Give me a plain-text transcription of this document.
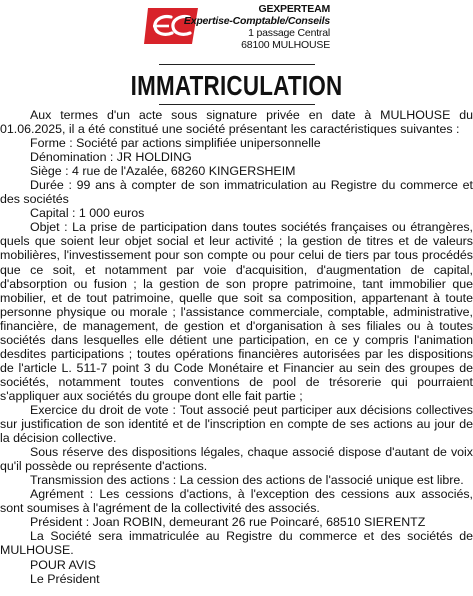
GEXPERTEAM
Expertise-Comptable/Conseils
1 passage Central
68100 MULHOUSE
IMMATRICULATION

Aux termes d'un acte sous signature privée en date à MULHOUSE du 01.06.2025, il a été constitué une société présentant les caractéristiques suivantes :

Forme : Société par actions simplifiée unipersonnelle

Dénomination : JR HOLDING

Siège : 4 rue de l'Azalée, 68260 KINGERSHEIM

Durée : 99 ans à compter de son immatriculation au Registre du commerce et des sociétés

Capital : 1 000 euros

Objet : La prise de participation dans toutes sociétés françaises ou étrangères, quels que soient leur objet social et leur activité ; la gestion de titres et de valeurs mobilières, l'investissement pour son compte ou pour celui de tiers par tous procédés que ce soit, et notamment par voie d'acquisition, d'augmentation de capital, d'absorption ou fusion ; la gestion de son propre patrimoine, tant immobilier que mobilier, et de tout patrimoine, quelle que soit sa composition, appartenant à toute personne physique ou morale ; l'assistance commerciale, comptable, administrative, financière, de management, de gestion et d'organisation à ses filiales ou à toutes sociétés dans lesquelles elle détient une participation, en ce y compris l'animation desdites participations ; toutes opérations financières autorisées par les dispositions de l'article L. 511-7 point 3 du Code Monétaire et Financier au sein des groupes de sociétés, notamment toutes conventions de pool de trésorerie qui pourraient s'appliquer aux sociétés du groupe dont elle fait partie ;

Exercice du droit de vote : Tout associé peut participer aux décisions collectives sur justification de son identité et de l'inscription en compte de ses actions au jour de la décision collective.

Sous réserve des dispositions légales, chaque associé dispose d'autant de voix qu'il possède ou représente d'actions.

Transmission des actions : La cession des actions de l'associé unique est libre.

Agrément : Les cessions d'actions, à l'exception des cessions aux associés, sont soumises à l'agrément de la collectivité des associés.

Président : Joan ROBIN, demeurant 26 rue Poincaré, 68510 SIERENTZ

La Société sera immatriculée au Registre du commerce et des sociétés de MULHOUSE.

POUR AVIS

Le Président
